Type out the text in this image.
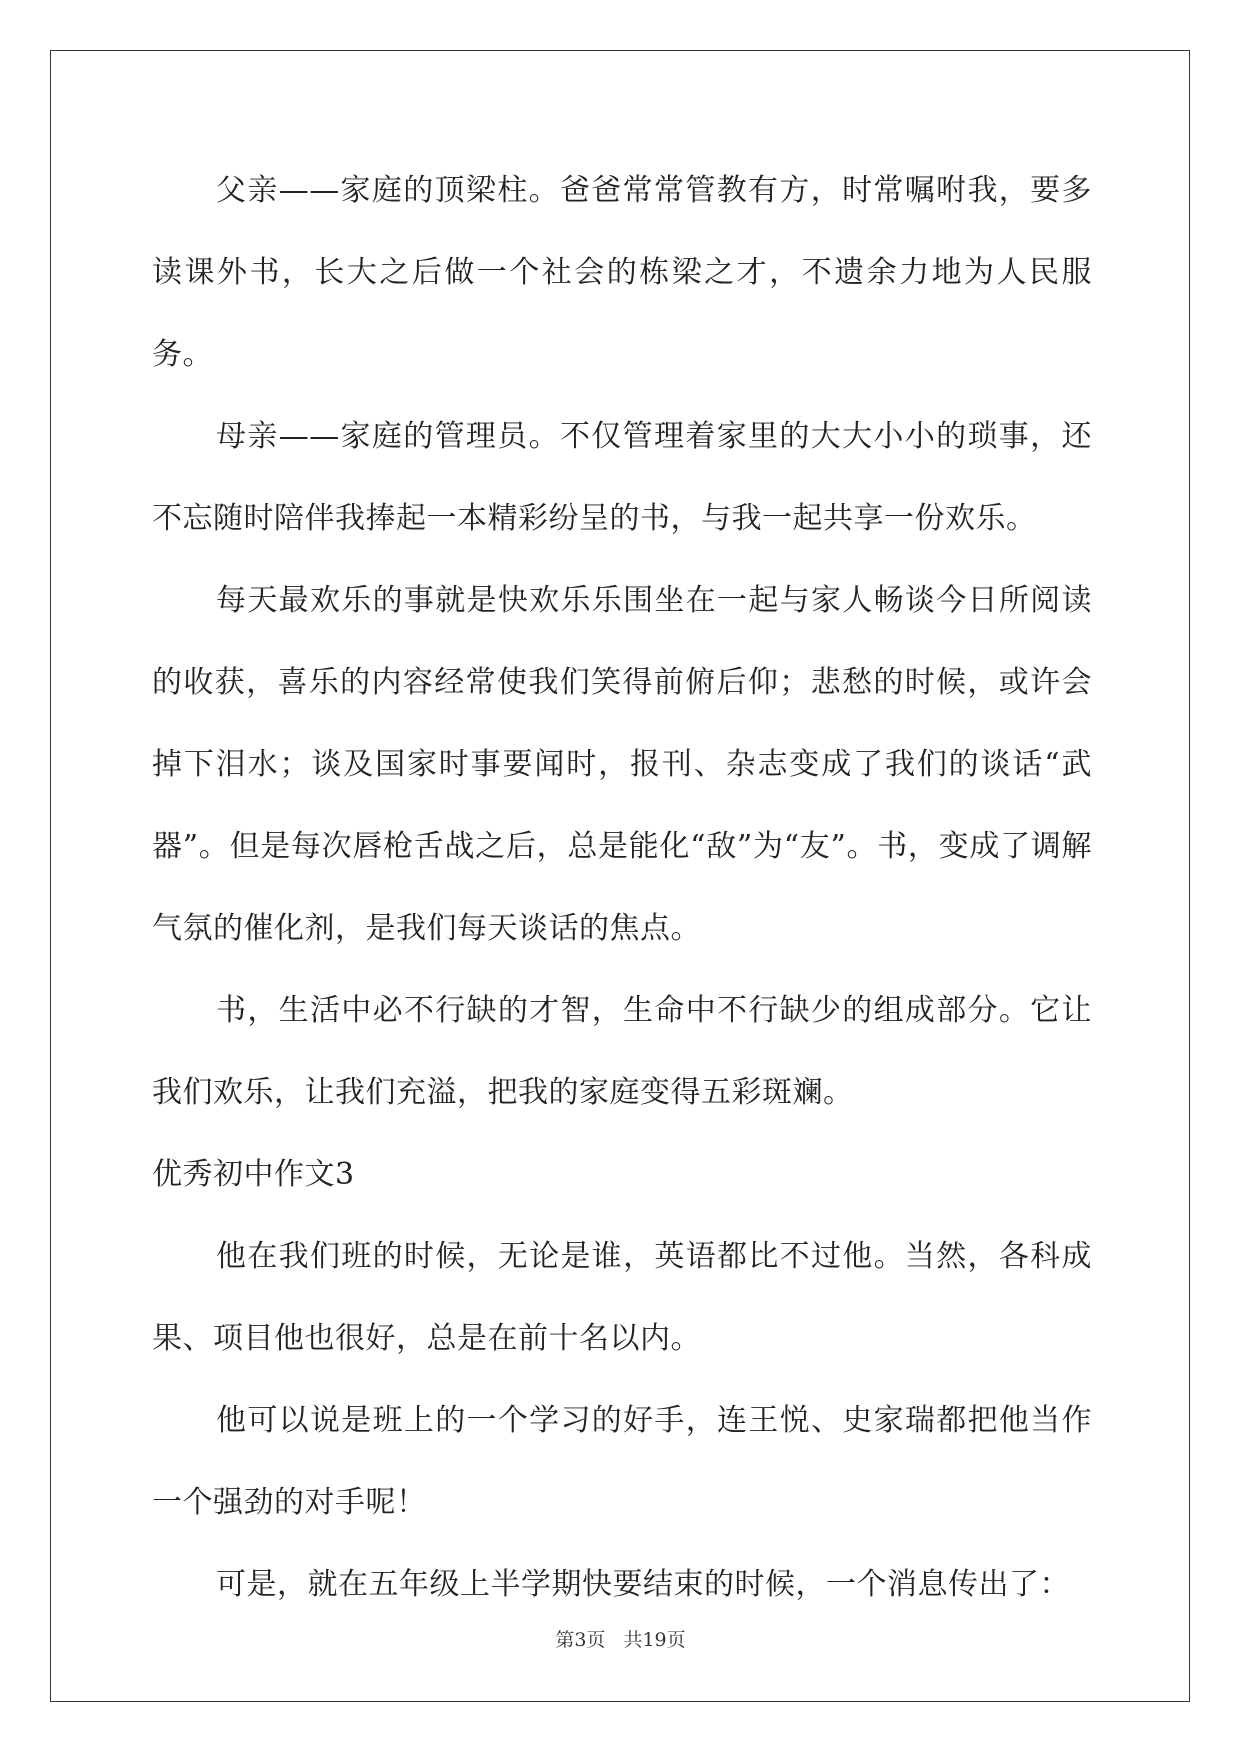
父亲——家庭的顶梁柱。爸爸常常管教有方，时常嘱咐我，要多读课外书，长大之后做一个社会的栋梁之才，不遗余力地为人民服务。

母亲——家庭的管理员。不仅管理着家里的大大小小的琐事，还不忘随时陪伴我捧起一本精彩纷呈的书，与我一起共享一份欢乐。

每天最欢乐的事就是快欢乐乐围坐在一起与家人畅谈今日所阅读的收获，喜乐的内容经常使我们笑得前俯后仰；悲愁的时候，或许会掉下泪水；谈及国家时事要闻时，报刊、杂志变成了我们的谈话“武器”。但是每次唇枪舌战之后，总是能化“敌”为“友”。书，变成了调解气氛的催化剂，是我们每天谈话的焦点。

书，生活中必不行缺的才智，生命中不行缺少的组成部分。它让我们欢乐，让我们充溢，把我的家庭变得五彩斑斓。

优秀初中作文3

他在我们班的时候，无论是谁，英语都比不过他。当然，各科成果、项目他也很好，总是在前十名以内。

他可以说是班上的一个学习的好手，连王悦、史家瑞都把他当作一个强劲的对手呢！

可是，就在五年级上半学期快要结束的时候，一个消息传出了：

第3页 共19页
